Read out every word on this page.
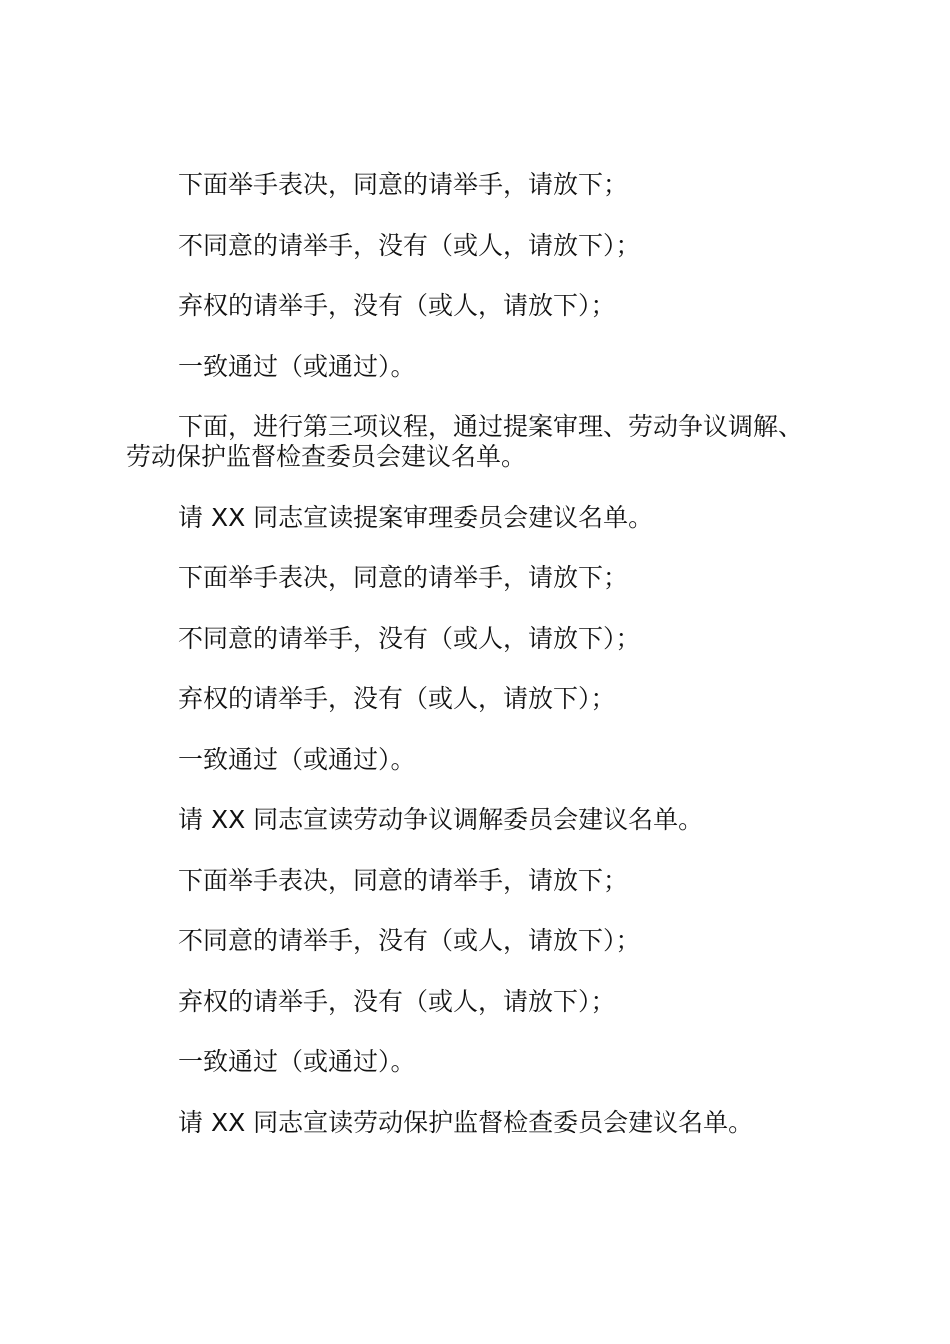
下面举手表决，同意的请举手，请放下；

不同意的请举手，没有（或人，请放下）；

弃权的请举手，没有（或人，请放下）；

一致通过（或通过）。

下面，进行第三项议程，通过提案审理、劳动争议调解、劳动保护监督检查委员会建议名单。

请 XX 同志宣读提案审理委员会建议名单。

下面举手表决，同意的请举手，请放下；

不同意的请举手，没有（或人，请放下）；

弃权的请举手，没有（或人，请放下）；

一致通过（或通过）。

请 XX 同志宣读劳动争议调解委员会建议名单。

下面举手表决，同意的请举手，请放下；

不同意的请举手，没有（或人，请放下）；

弃权的请举手，没有（或人，请放下）；

一致通过（或通过）。

请 XX 同志宣读劳动保护监督检查委员会建议名单。
